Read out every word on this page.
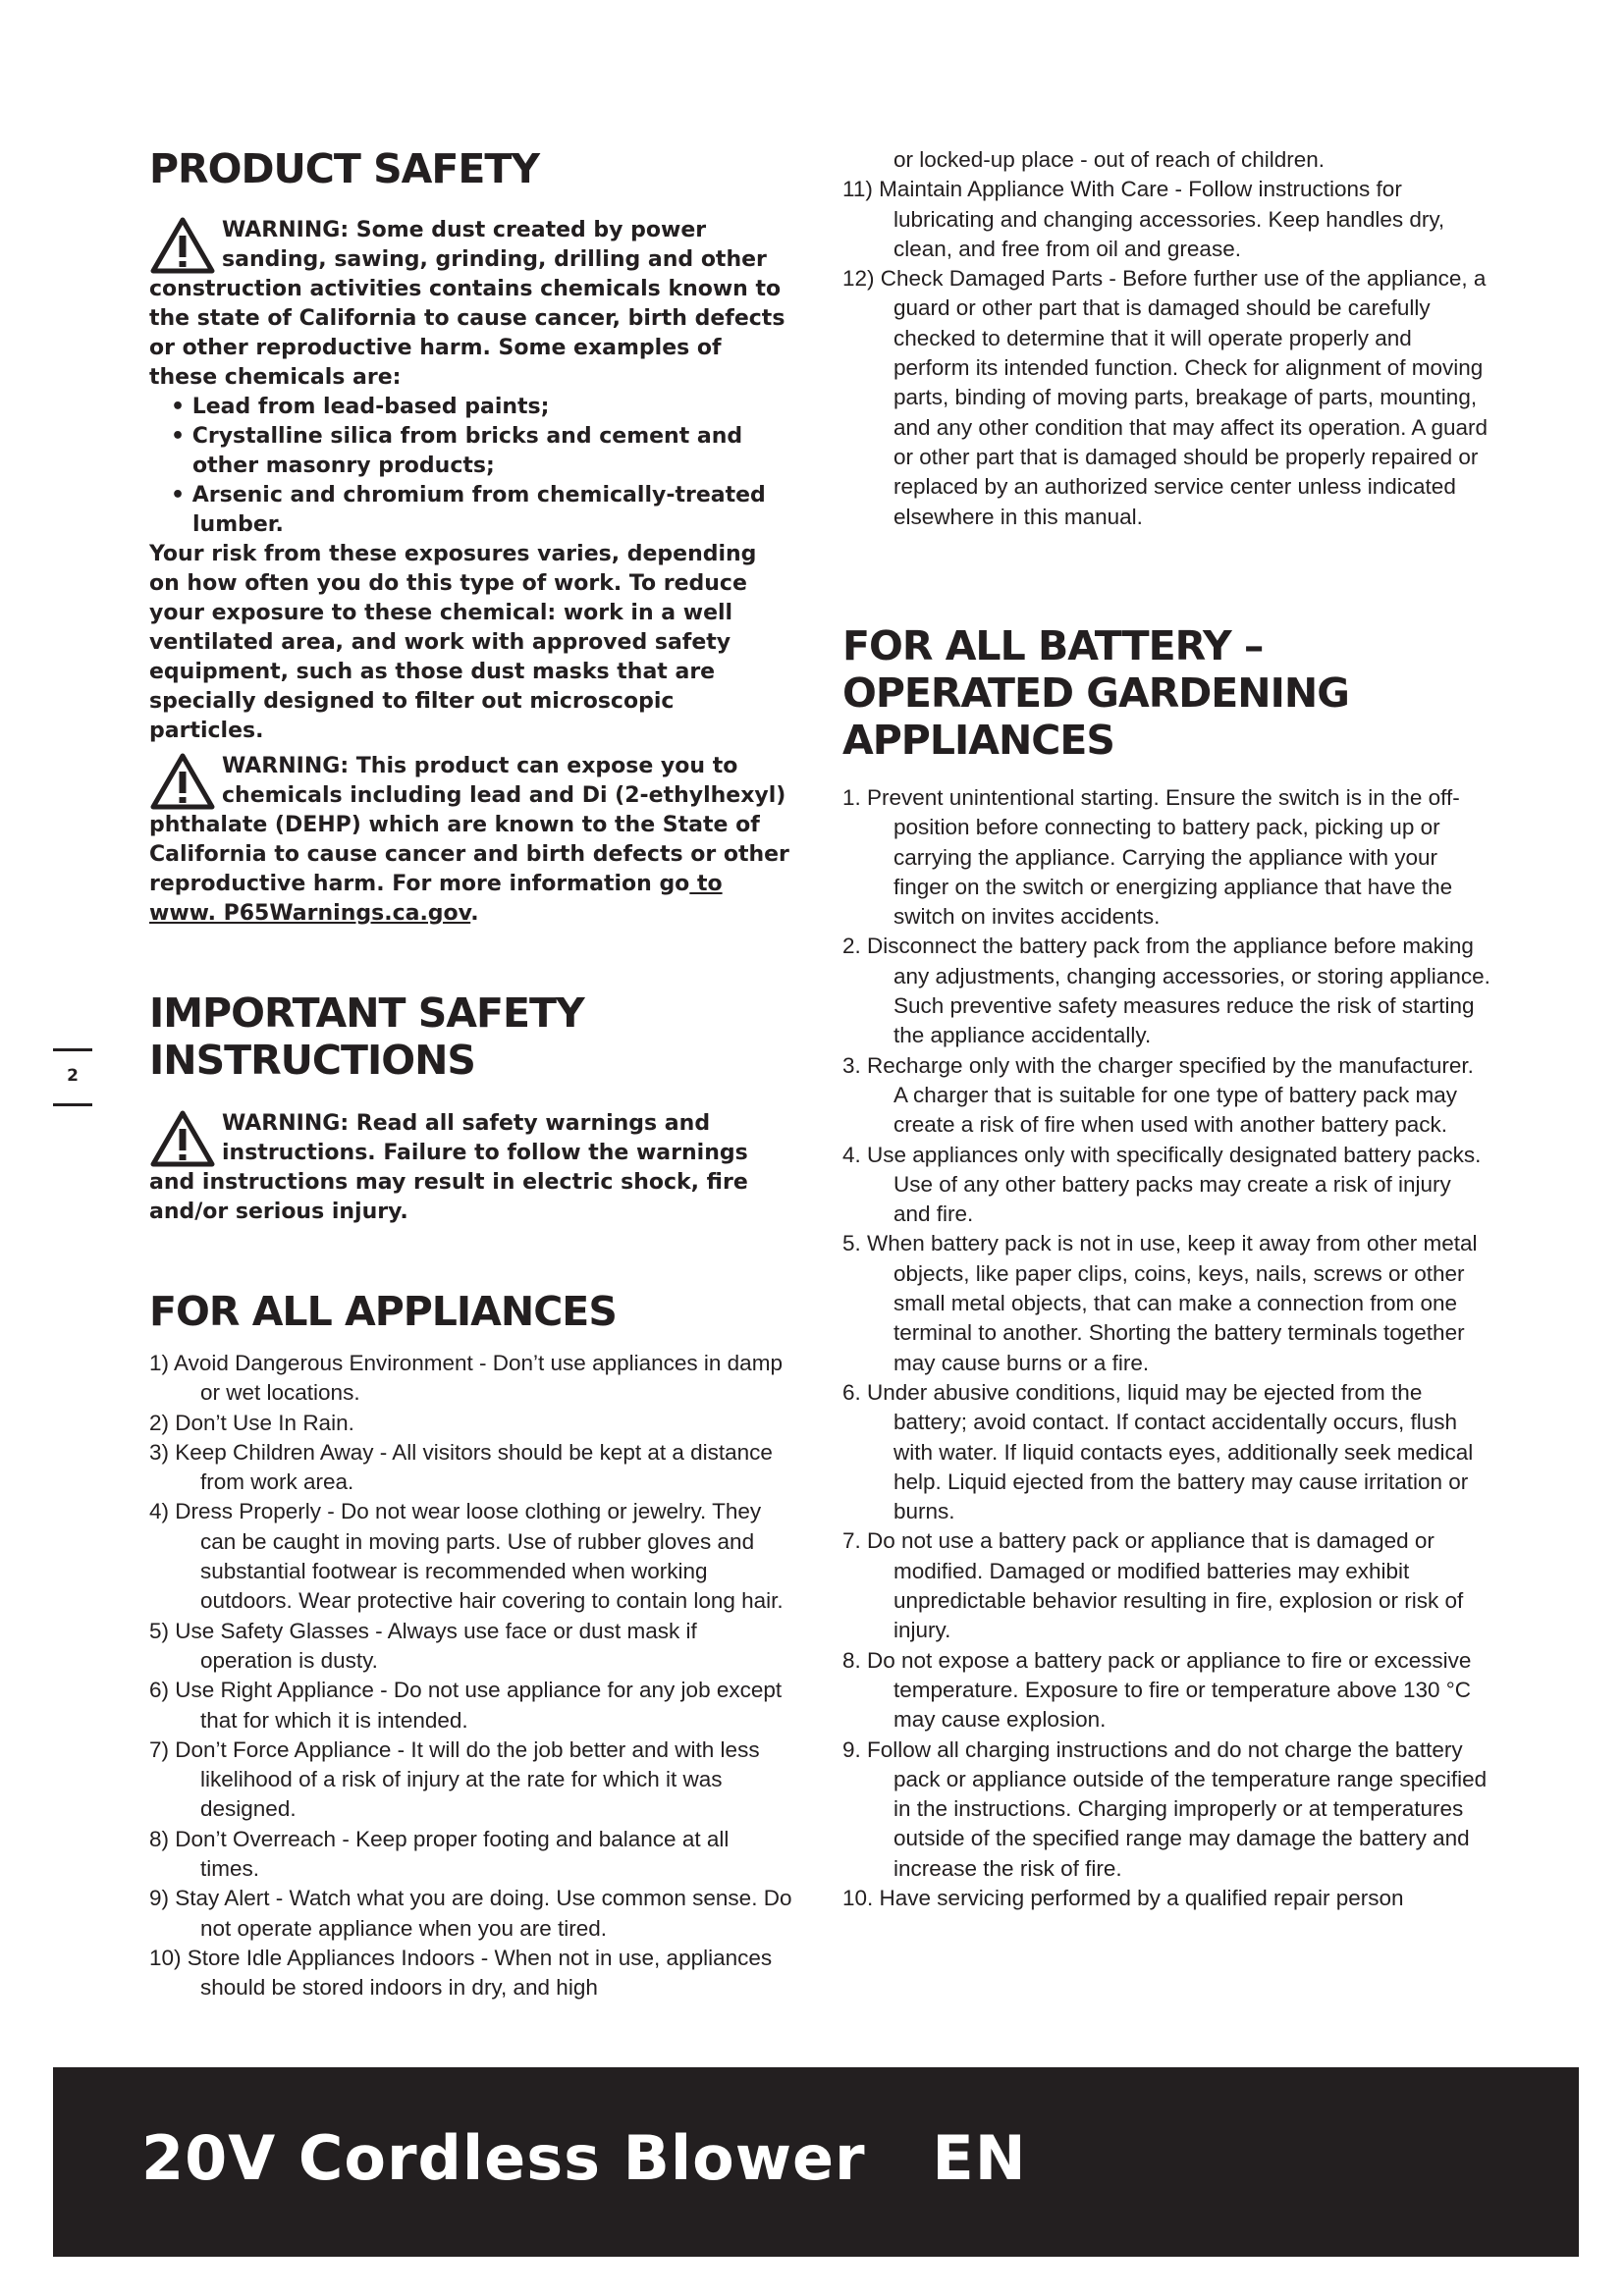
PRODUCT SAFETY
WARNING: Some dust created by power sanding, sawing, grinding, drilling and other construction activities contains chemicals known to the state of California to cause cancer, birth defects or other reproductive harm. Some examples of these chemicals are:
• Lead from lead-based paints;
• Crystalline silica from bricks and cement and other masonry products;
• Arsenic and chromium from chemically-treated lumber.
Your risk from these exposures varies, depending on how often you do this type of work. To reduce your exposure to these chemical: work in a well ventilated area, and work with approved safety equipment, such as those dust masks that are specially designed to filter out microscopic particles.
WARNING: This product can expose you to chemicals including lead and Di (2-ethylhexyl) phthalate (DEHP) which are known to the State of California to cause cancer and birth defects or other reproductive harm. For more information go to www. P65Warnings.ca.gov.
IMPORTANT SAFETY
INSTRUCTIONS
WARNING: Read all safety warnings and instructions. Failure to follow the warnings and instructions may result in electric shock, fire and/or serious injury.
FOR ALL APPLIANCES
1) Avoid Dangerous Environment - Don’t use appliances in damp or wet locations.
2) Don’t Use In Rain.
3) Keep Children Away - All visitors should be kept at a distance from work area.
4) Dress Properly - Do not wear loose clothing or jewelry. They can be caught in moving parts. Use of rubber gloves and substantial footwear is recommended when working outdoors. Wear protective hair covering to contain long hair.
5) Use Safety Glasses - Always use face or dust mask if operation is dusty.
6) Use Right Appliance - Do not use appliance for any job except that for which it is intended.
7) Don’t Force Appliance - It will do the job better and with less likelihood of a risk of injury at the rate for which it was designed.
8) Don’t Overreach - Keep proper footing and balance at all times.
9) Stay Alert - Watch what you are doing. Use common sense. Do not operate appliance when you are tired.
10) Store Idle Appliances Indoors - When not in use, appliances should be stored indoors in dry, and high
or locked-up place - out of reach of children.
11) Maintain Appliance With Care - Follow instructions for lubricating and changing accessories. Keep handles dry, clean, and free from oil and grease.
12) Check Damaged Parts - Before further use of the appliance, a guard or other part that is damaged should be carefully checked to determine that it will operate properly and perform its intended function. Check for alignment of moving parts, binding of moving parts, breakage of parts, mounting, and any other condition that may affect its operation. A guard or other part that is damaged should be properly repaired or replaced by an authorized service center unless indicated elsewhere in this manual.
FOR ALL BATTERY –
OPERATED GARDENING
APPLIANCES
1. Prevent unintentional starting. Ensure the switch is in the off-position before connecting to battery pack, picking up or carrying the appliance. Carrying the appliance with your finger on the switch or energizing appliance that have the switch on invites accidents.
2. Disconnect the battery pack from the appliance before making any adjustments, changing accessories, or storing appliance. Such preventive safety measures reduce the risk of starting the appliance accidentally.
3. Recharge only with the charger specified by the manufacturer. A charger that is suitable for one type of battery pack may create a risk of fire when used with another battery pack.
4. Use appliances only with specifically designated battery packs. Use of any other battery packs may create a risk of injury and fire.
5. When battery pack is not in use, keep it away from other metal objects, like paper clips, coins, keys, nails, screws or other small metal objects, that can make a connection from one terminal to another. Shorting the battery terminals together may cause burns or a fire.
6. Under abusive conditions, liquid may be ejected from the battery; avoid contact. If contact accidentally occurs, flush with water. If liquid contacts eyes, additionally seek medical help. Liquid ejected from the battery may cause irritation or burns.
7. Do not use a battery pack or appliance that is damaged or modified. Damaged or modified batteries may exhibit unpredictable behavior resulting in fire, explosion or risk of injury.
8. Do not expose a battery pack or appliance to fire or excessive temperature. Exposure to fire or temperature above 130 °C may cause explosion.
9. Follow all charging instructions and do not charge the battery pack or appliance outside of the temperature range specified in the instructions. Charging improperly or at temperatures outside of the specified range may damage the battery and increase the risk of fire.
10. Have servicing performed by a qualified repair person
2
20V Cordless Blower EN
